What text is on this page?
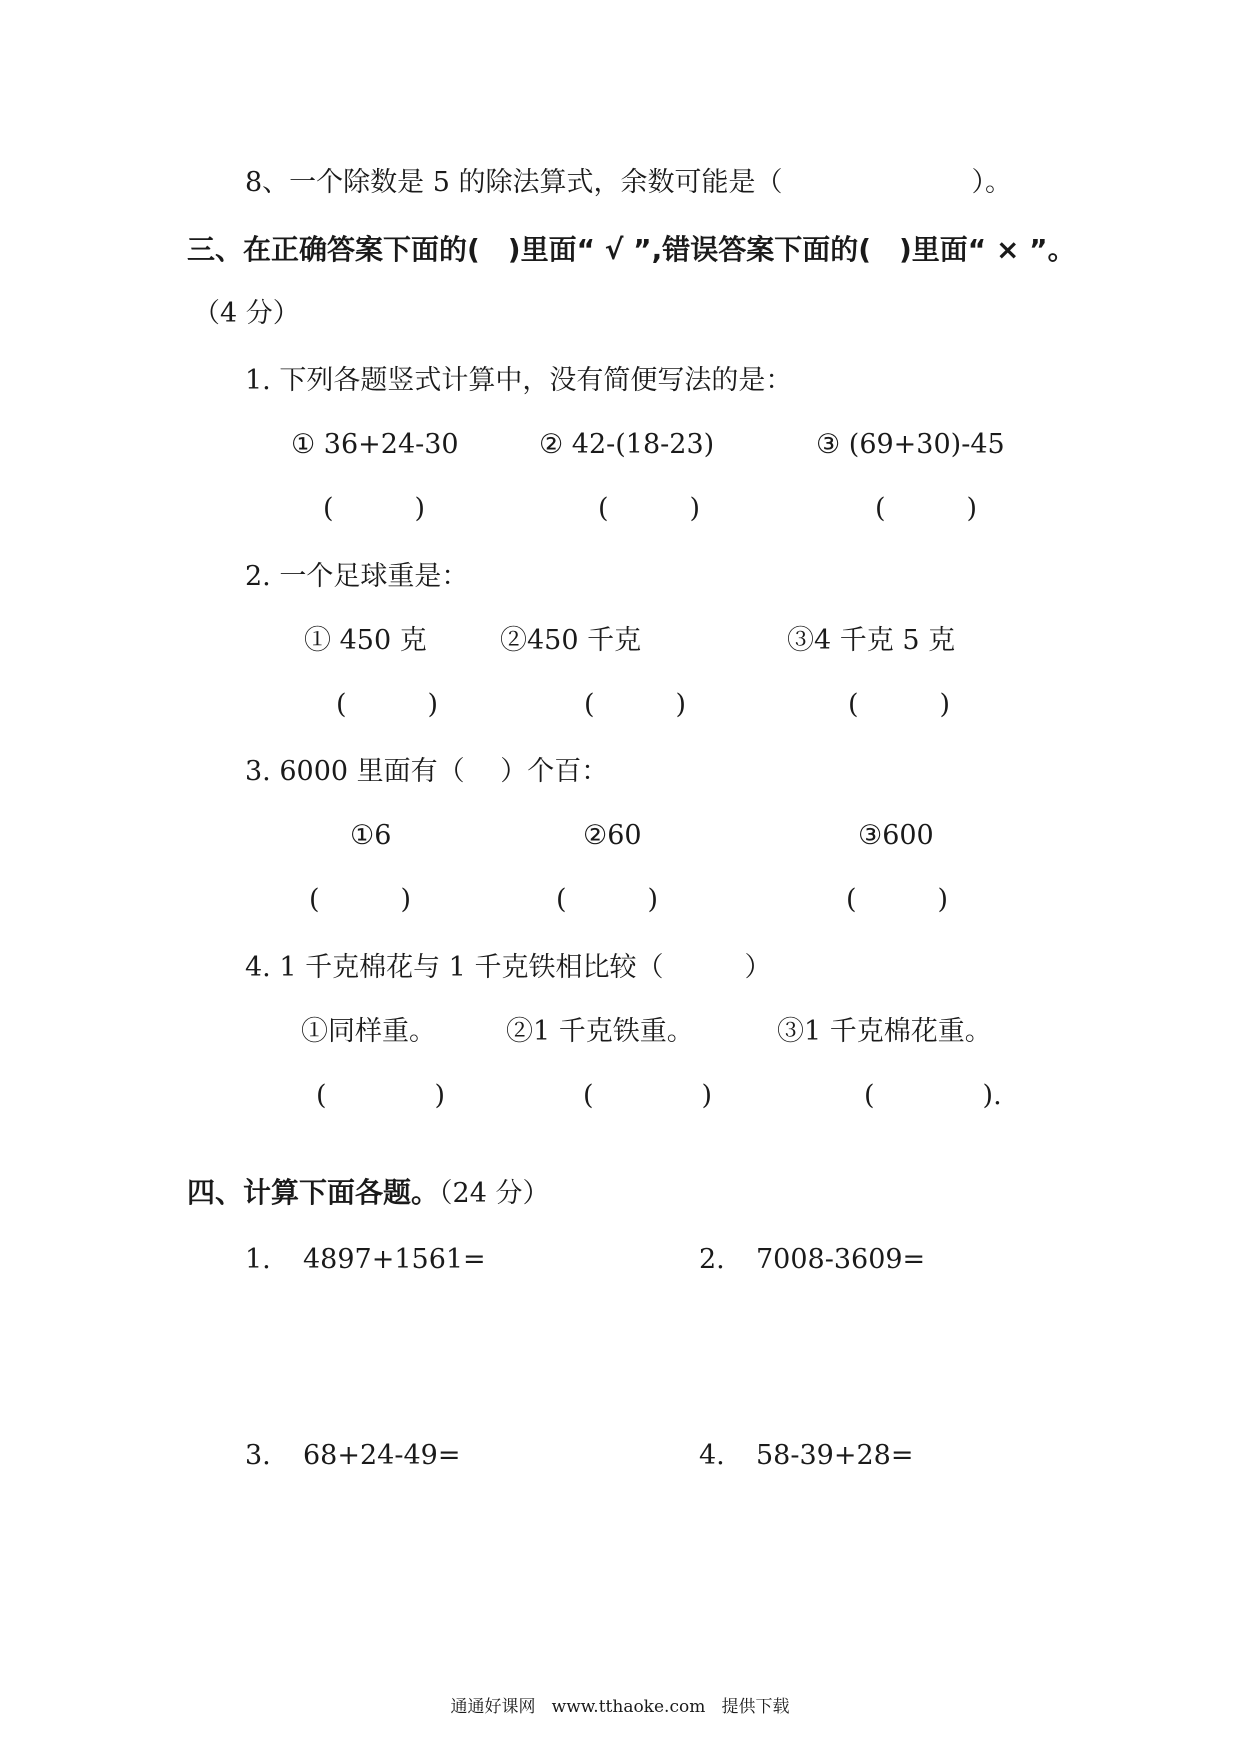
8、一个除数是 5 的除法算式，余数可能是（　　　　　　　）。
三、在正确答案下面的(　)里面“ √ ”,错误答案下面的(　)里面“ × ”。
（4 分）
1. 下列各题竖式计算中，没有简便写法的是：
① 36+24-30	② 42-(18-23)	③ (69+30)-45
(　　　)	(　　　)	(　　　)
2. 一个足球重是：
① 450 克	②450 千克	③4 千克 5 克
(　　　)	(　　　)	(　　　)
3. 6000 里面有（　 ）个百：
①6	②60	③600
(　　　)	(　　　)	(　　　)
4. 1 千克棉花与 1 千克铁相比较（　　　）
①同样重。	②1 千克铁重。	③1 千克棉花重。
(　　　　)	(　　　　)	(　　　　).
四、计算下面各题。（24 分）
1. 4897+1561=	2. 7008-3609=
3. 68+24-49=	4. 58-39+28=
通通好课网   www.tthaoke.com   提供下载
